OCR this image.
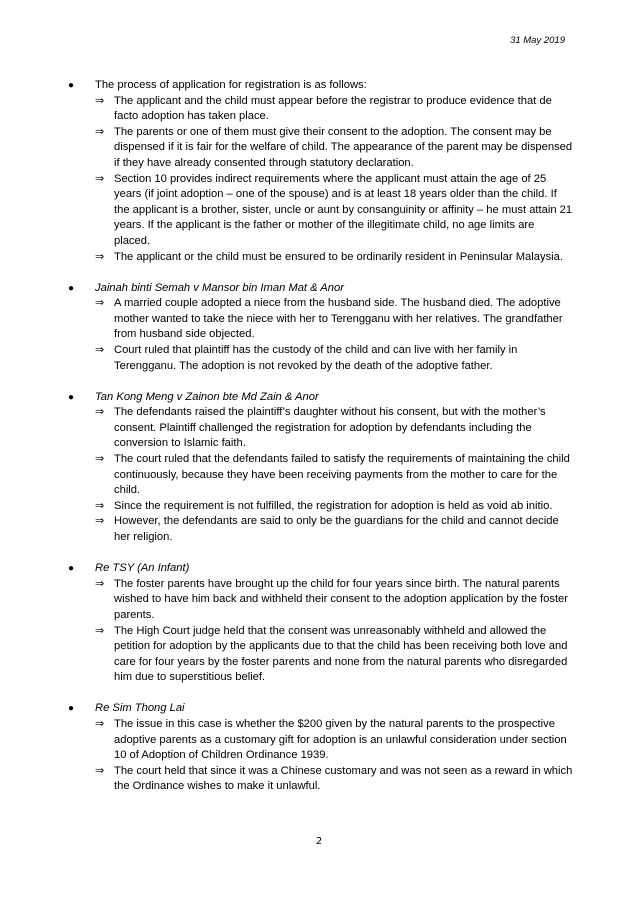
31 May 2019
● The process of application for registration is as follows:
⇒ The applicant and the child must appear before the registrar to produce evidence that de facto adoption has taken place.
⇒ The parents or one of them must give their consent to the adoption. The consent may be dispensed if it is fair for the welfare of child. The appearance of the parent may be dispensed if they have already consented through statutory declaration.
⇒ Section 10 provides indirect requirements where the applicant must attain the age of 25 years (if joint adoption – one of the spouse) and is at least 18 years older than the child. If the applicant is a brother, sister, uncle or aunt by consanguinity or affinity – he must attain 21 years. If the applicant is the father or mother of the illegitimate child, no age limits are placed.
⇒ The applicant or the child must be ensured to be ordinarily resident in Peninsular Malaysia.
● Jainah binti Semah v Mansor bin Iman Mat & Anor
⇒ A married couple adopted a niece from the husband side. The husband died. The adoptive mother wanted to take the niece with her to Terengganu with her relatives. The grandfather from husband side objected.
⇒ Court ruled that plaintiff has the custody of the child and can live with her family in Terengganu. The adoption is not revoked by the death of the adoptive father.
● Tan Kong Meng v Zainon bte Md Zain & Anor
⇒ The defendants raised the plaintiff’s daughter without his consent, but with the mother’s consent. Plaintiff challenged the registration for adoption by defendants including the conversion to Islamic faith.
⇒ The court ruled that the defendants failed to satisfy the requirements of maintaining the child continuously, because they have been receiving payments from the mother to care for the child.
⇒ Since the requirement is not fulfilled, the registration for adoption is held as void ab initio.
⇒ However, the defendants are said to only be the guardians for the child and cannot decide her religion.
● Re TSY (An Infant)
⇒ The foster parents have brought up the child for four years since birth. The natural parents wished to have him back and withheld their consent to the adoption application by the foster parents.
⇒ The High Court judge held that the consent was unreasonably withheld and allowed the petition for adoption by the applicants due to that the child has been receiving both love and care for four years by the foster parents and none from the natural parents who disregarded him due to superstitious belief.
● Re Sim Thong Lai
⇒ The issue in this case is whether the $200 given by the natural parents to the prospective adoptive parents as a customary gift for adoption is an unlawful consideration under section 10 of Adoption of Children Ordinance 1939.
⇒ The court held that since it was a Chinese customary and was not seen as a reward in which the Ordinance wishes to make it unlawful.
2
